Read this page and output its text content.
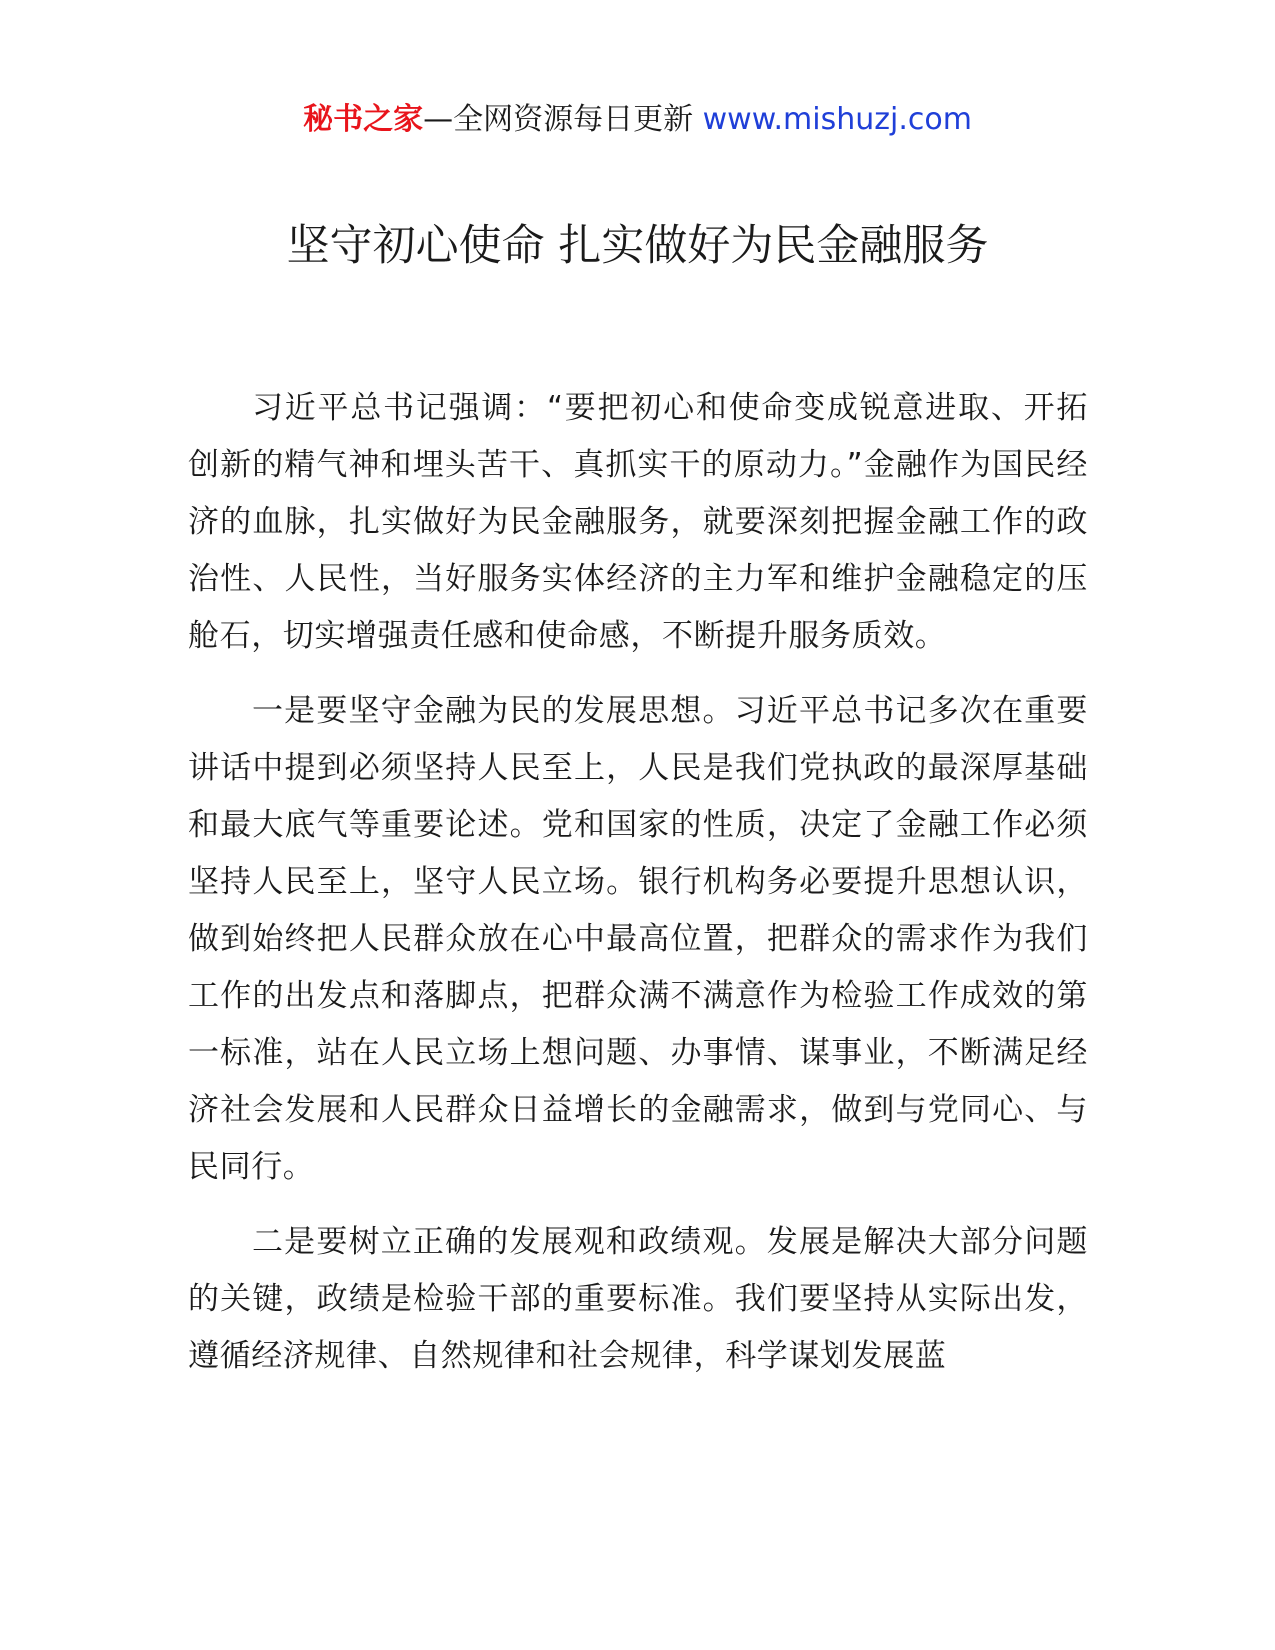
秘书之家—全网资源每日更新 www.mishuzj.com
坚守初心使命 扎实做好为民金融服务

习近平总书记强调：“要把初心和使命变成锐意进取、开拓创新的精气神和埋头苦干、真抓实干的原动力。”金融作为国民经济的血脉，扎实做好为民金融服务，就要深刻把握金融工作的政治性、人民性，当好服务实体经济的主力军和维护金融稳定的压舱石，切实增强责任感和使命感，不断提升服务质效。

一是要坚守金融为民的发展思想。习近平总书记多次在重要讲话中提到必须坚持人民至上，人民是我们党执政的最深厚基础和最大底气等重要论述。党和国家的性质，决定了金融工作必须坚持人民至上，坚守人民立场。银行机构务必要提升思想认识，做到始终把人民群众放在心中最高位置，把群众的需求作为我们工作的出发点和落脚点，把群众满不满意作为检验工作成效的第一标准，站在人民立场上想问题、办事情、谋事业，不断满足经济社会发展和人民群众日益增长的金融需求，做到与党同心、与民同行。

二是要树立正确的发展观和政绩观。发展是解决大部分问题的关键，政绩是检验干部的重要标准。我们要坚持从实际出发，遵循经济规律、自然规律和社会规律，科学谋划发展蓝
